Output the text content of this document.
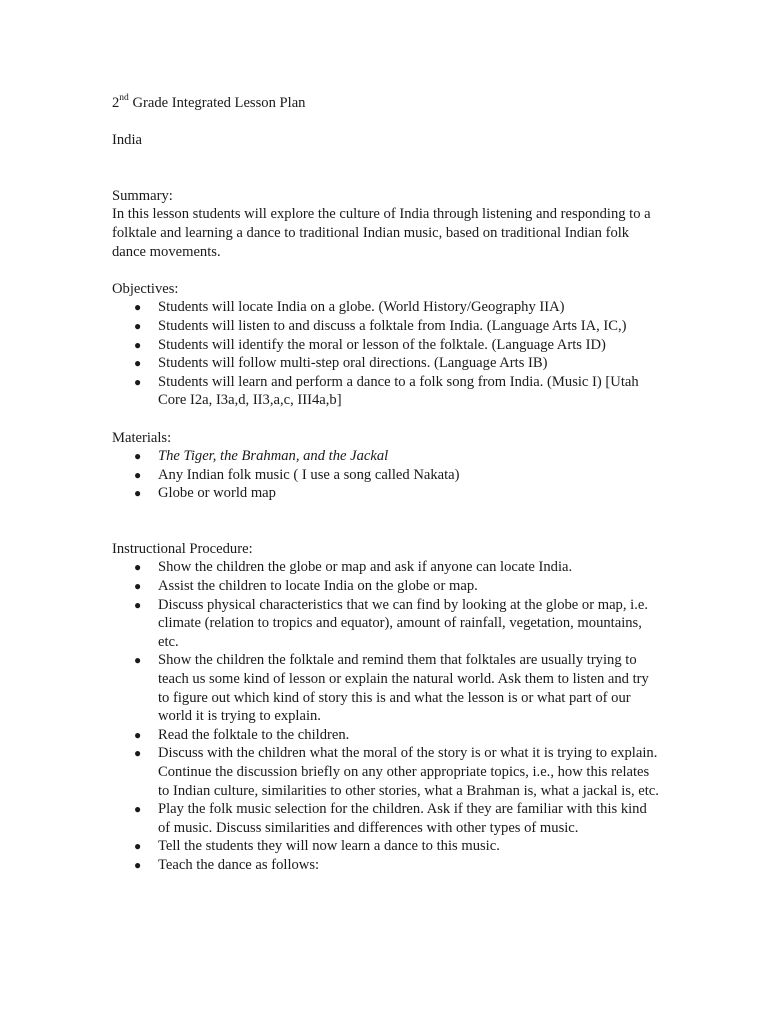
2nd Grade Integrated Lesson Plan

India

Summary:

In this lesson students will explore the culture of India through listening and responding to a folktale and learning a dance to traditional Indian music, based on traditional Indian folk dance movements.

Objectives:

● Students will locate India on a globe. (World History/Geography IIA)
● Students will listen to and discuss a folktale from India. (Language Arts IA, IC,)
● Students will identify the moral or lesson of the folktale. (Language Arts ID)
● Students will follow multi-step oral directions. (Language Arts IB)
● Students will learn and perform a dance to a folk song from India. (Music I) [Utah Core I2a, I3a,d, II3,a,c, III4a,b]

Materials:

● The Tiger, the Brahman, and the Jackal
● Any Indian folk music ( I use a song called Nakata)
● Globe or world map

Instructional Procedure:

● Show the children the globe or map and ask if anyone can locate India.
● Assist the children to locate India on the globe or map.
● Discuss physical characteristics that we can find by looking at the globe or map, i.e. climate (relation to tropics and equator), amount of rainfall, vegetation, mountains, etc.
● Show the children the folktale and remind them that folktales are usually trying to teach us some kind of lesson or explain the natural world. Ask them to listen and try to figure out which kind of story this is and what the lesson is or what part of our world it is trying to explain.
● Read the folktale to the children.
● Discuss with the children what the moral of the story is or what it is trying to explain. Continue the discussion briefly on any other appropriate topics, i.e., how this relates to Indian culture, similarities to other stories, what a Brahman is, what a jackal is, etc.
● Play the folk music selection for the children. Ask if they are familiar with this kind of music. Discuss similarities and differences with other types of music.
● Tell the students they will now learn a dance to this music.
● Teach the dance as follows:
